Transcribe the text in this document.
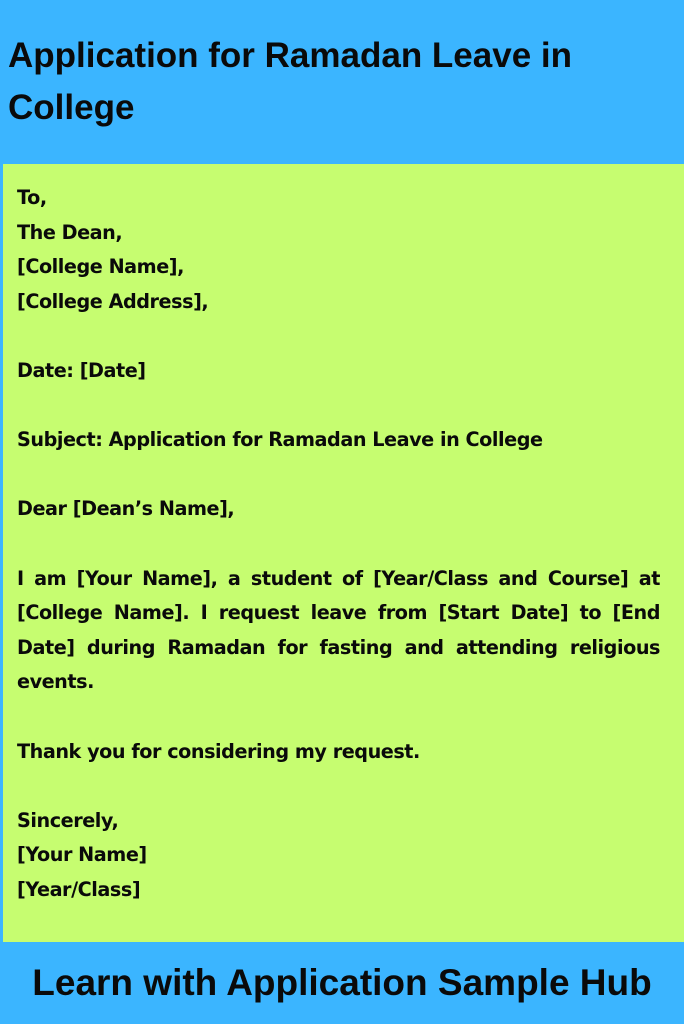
Application for Ramadan Leave in College
To,
The Dean,
[College Name],
[College Address],
Date: [Date]
Subject: Application for Ramadan Leave in College
Dear [Dean’s Name],
I am [Your Name], a student of [Year/Class and Course] at [College Name]. I request leave from [Start Date] to [End Date] during Ramadan for fasting and attending religious events.
Thank you for considering my request.
Sincerely,
[Your Name]
[Year/Class]
Learn with Application Sample Hub
